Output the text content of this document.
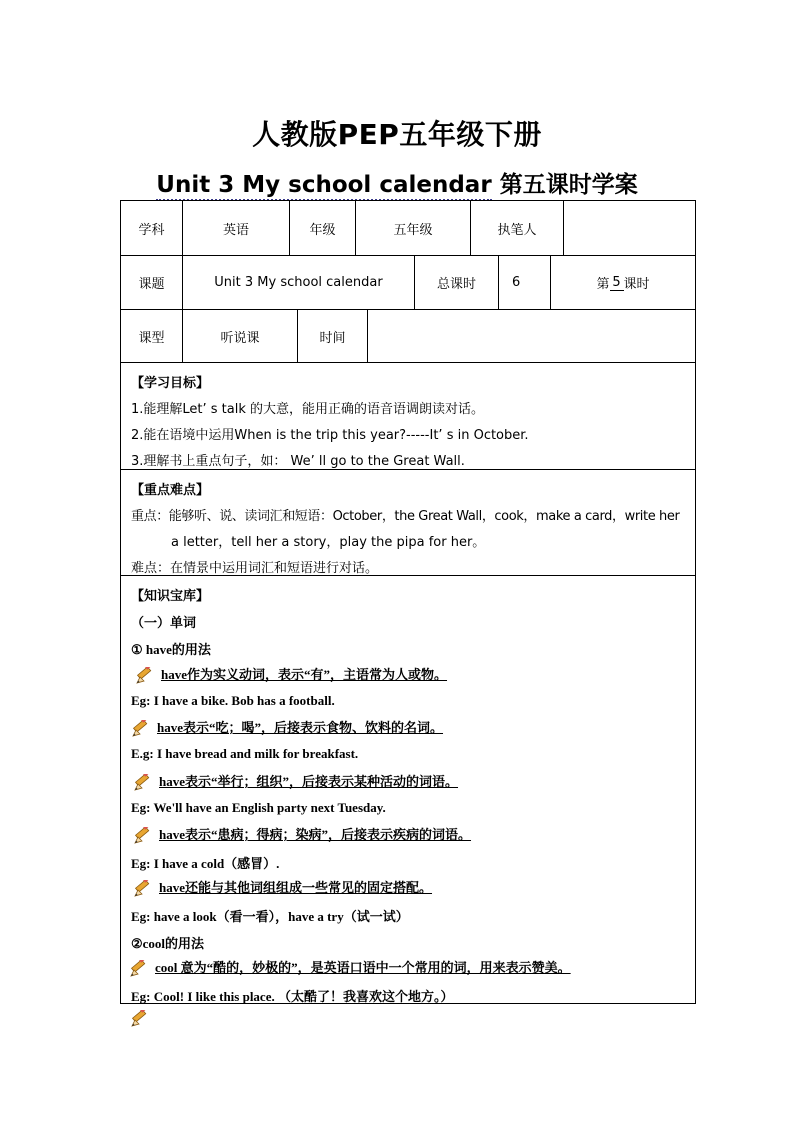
人教版PEP五年级下册
Unit 3 My school calendar 第五课时学案
学科	英语	年级	五年级	执笔人
课题	Unit 3 My school calendar	总课时	6	第 5 课时
课型	听说课	时间
【学习目标】
1.能理解Let’ s talk 的大意，能用正确的语音语调朗读对话。
2.能在语境中运用When is the trip this year?-----It’ s in October.
3.理解书上重点句子，如： We’ ll go to the Great Wall.
【重点难点】
重点：能够听、说、读词汇和短语：October，the Great Wall，cook，make a card，write her
a letter，tell her a story，play the pipa for her。
难点：在情景中运用词汇和短语进行对话。
【知识宝库】
（一）单词
① have的用法
have作为实义动词，表示“有”，主语常为人或物。
Eg: I have a bike. Bob has a football.
have表示“吃；喝”，后接表示食物、饮料的名词。
E.g: I have bread and milk for breakfast.
have表示“举行；组织”，后接表示某种活动的词语。
Eg: We'll have an English party next Tuesday.
have表示“患病；得病；染病”，后接表示疾病的词语。
Eg: I have a cold（感冒）.
have还能与其他词组组成一些常见的固定搭配。
Eg: have a look（看一看），have a try（试一试）
②cool的用法
cool 意为“酷的，妙极的”，是英语口语中一个常用的词，用来表示赞美。
Eg: Cool! I like this place. （太酷了！我喜欢这个地方。）
